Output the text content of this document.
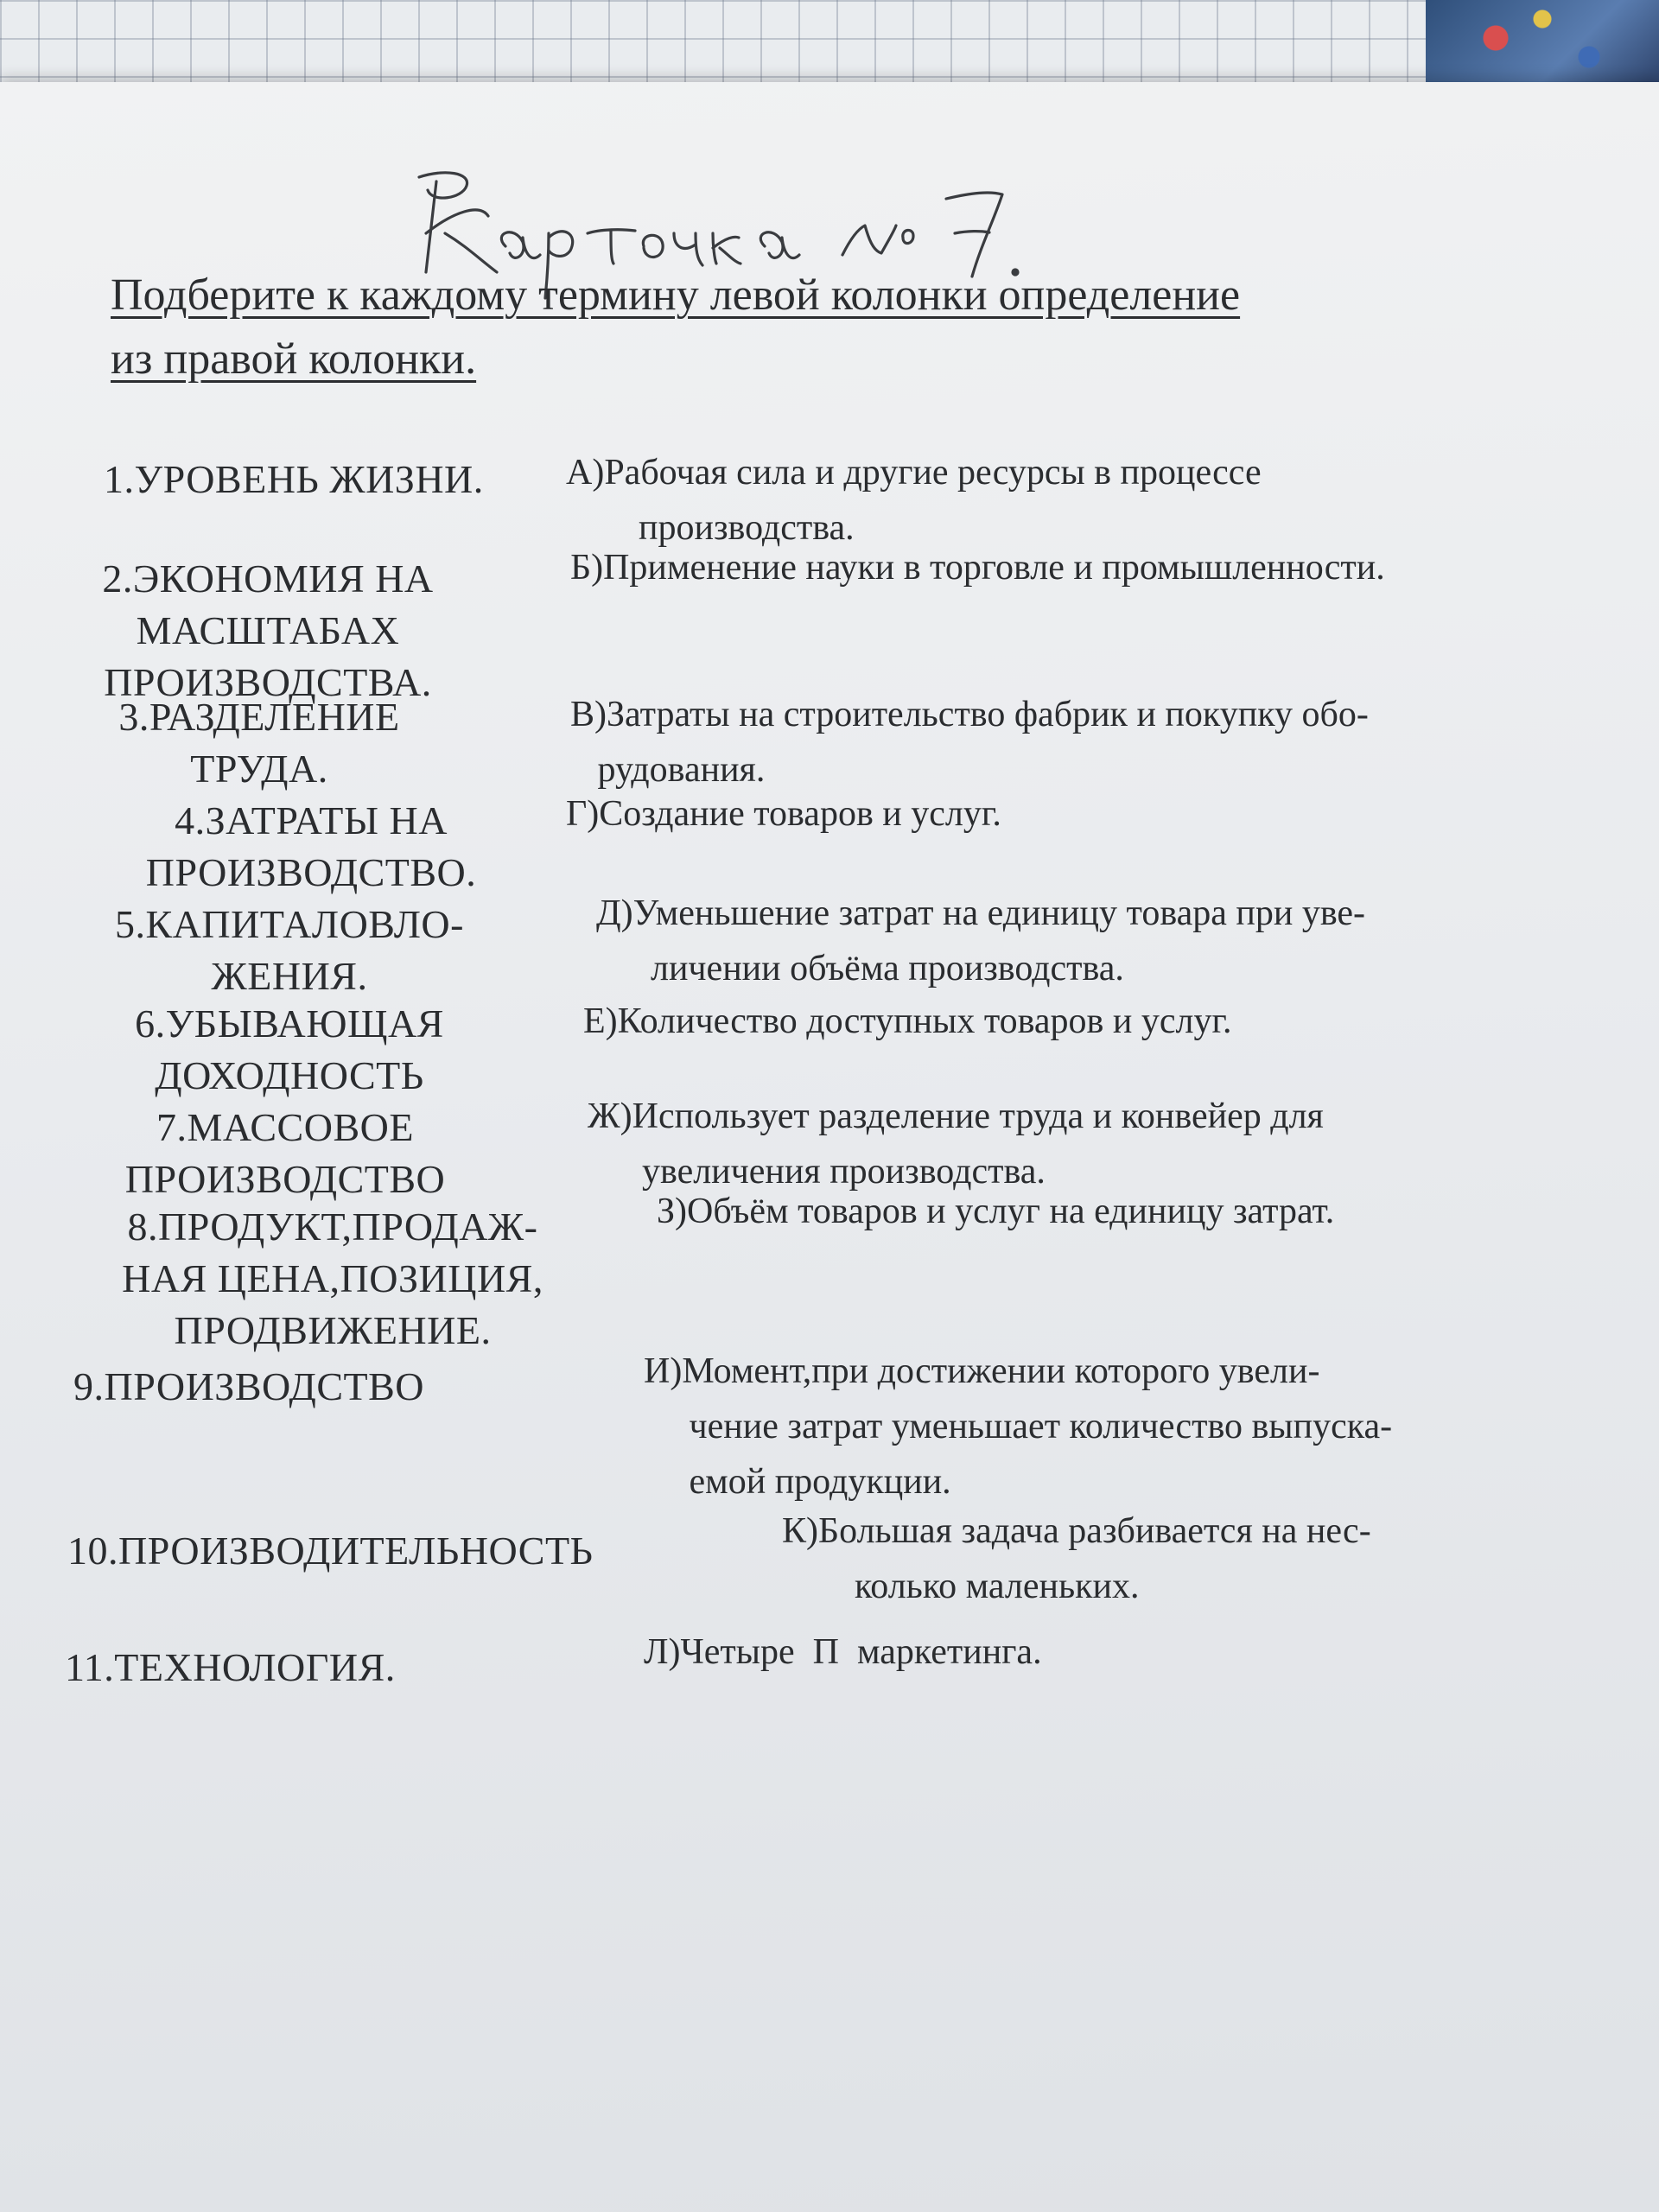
Подберите к каждому термину левой колонки определение
из правой колонки.

1.УРОВЕНЬ ЖИЗНИ.
2.ЭКОНОМИЯ НА
МАСШТАБАХ
ПРОИЗВОДСТВА.
3.РАЗДЕЛЕНИЕ
ТРУДА.
4.ЗАТРАТЫ НА
ПРОИЗВОДСТВО.
5.КАПИТАЛОВЛО-
ЖЕНИЯ.
6.УБЫВАЮЩАЯ
ДОХОДНОСТЬ
7.МАССОВОЕ
ПРОИЗВОДСТВО
8.ПРОДУКТ,ПРОДАЖ-
НАЯ ЦЕНА,ПОЗИЦИЯ,
ПРОДВИЖЕНИЕ.
9.ПРОИЗВОДСТВО
10.ПРОИЗВОДИТЕЛЬНОСТЬ
11.ТЕХНОЛОГИЯ.
А)Рабочая сила и другие ресурсы в процессе
производства.
Б)Применение науки в торговле и промышленности.
В)Затраты на строительство фабрик и покупку обо-
рудования.
Г)Создание товаров и услуг.
Д)Уменьшение затрат на единицу товара при уве-
личении объёма производства.
Е)Количество доступных товаров и услуг.
Ж)Использует разделение труда и конвейер для
увеличения производства.
З)Объём товаров и услуг на единицу затрат.
И)Момент,при достижении которого увели-
чение затрат уменьшает количество выпуска-
емой продукции.
К)Большая задача разбивается на нес-
колько маленьких.
Л)Четыре  П  маркетинга.
